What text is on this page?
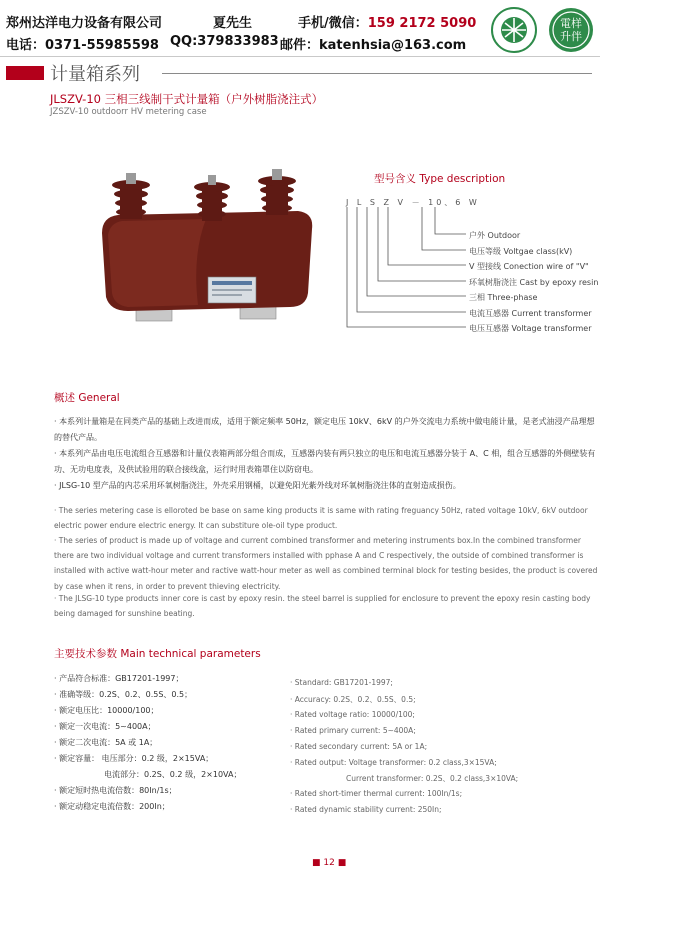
郑州达洋电力设备有限公司	夏先生	手机/微信：159 2172 5090
电话：0371-55985598 QQ:379833983 邮件：katenhsia@163.com
電样
升伴
计量箱系列
JLSZV-10 三相三线制干式计量箱（户外树脂浇注式）
JZSZV-10 outdoorr HV metering case
型号含义 Type description
J L S Z V － 10、6 W
户外 Outdoor
电压等级 Voltgae class(kV)
V 型接线 Conection wire of "V"
环氧树脂浇注 Cast by epoxy resin
三相 Three-phase
电流互感器 Current transformer
电压互感器 Voltage transformer
概述 General
· 本系列计量箱是在同类产品的基础上改进而成，适用于额定频率 50Hz，额定电压 10kV、6kV 的户外交流电力系统中做电能计量，是老式油浸产品理想的替代产品。
· 本系列产品由电压电流组合互感器和计量仪表箱两部分组合而成，互感器内装有两只独立的电压和电流互感器分装于 A、C 相，组合互感器的外侧壁装有功、无功电度表，及供试验用的联合接线盒，运行时用表箱罩住以防窃电。
· JLSG-10 型产品的内芯采用环氧树脂浇注，外壳采用钢桶，以避免阳光紫外线对环氧树脂浇注体的直射造成损伤。
· The series metering case is elloroted be base on same king products it is same with rating freguancy 50Hz, rated voltage 10kV, 6kV outdoor electric power endure electric energy. It can substiture ole-oil type product.
· The series of product is made up of voltage and current combined transformer and metering instruments box.In the combined transformer there are two individual voltage and current transformers installed with pphase A and C respectively, the outside of combined transformer is installed with active watt-hour meter and ractive watt-hour meter as well as combined terminal block for testing besides, the product is covered by case when it rens, in order to prevent thieving electricity.
· The JLSG-10 type products inner core is cast by epoxy resin. the steel barrel is supplied for enclosure to prevent the epoxy resin casting body being damaged for sunshine beating.
主要技术参数 Main technical parameters
· 产品符合标准：GB17201-1997；
· 准确等级：0.2S、0.2、0.5S、0.5；
· 额定电压比：10000/100；
· 额定一次电流：5~400A；
· 额定二次电流：5A 或 1A；
· 额定容量： 电压部分：0.2 级，2×15VA；
电流部分：0.2S、0.2 级，2×10VA；
· 额定短时热电流倍数：80In/1s；
· 额定动稳定电流倍数：200In；
· Standard: GB17201-1997;
· Accuracy: 0.2S、0.2、0.5S、0.5;
· Rated voltage ratio: 10000/100;
· Rated primary current: 5~400A;
· Rated secondary current: 5A or 1A;
· Rated output: Voltage transformer: 0.2 class,3×15VA;
Current transformer: 0.2S、0.2 class,3×10VA;
· Rated short-timer thermal current: 100In/1s;
· Rated dynamic stability current: 250In;
■ 12 ■
